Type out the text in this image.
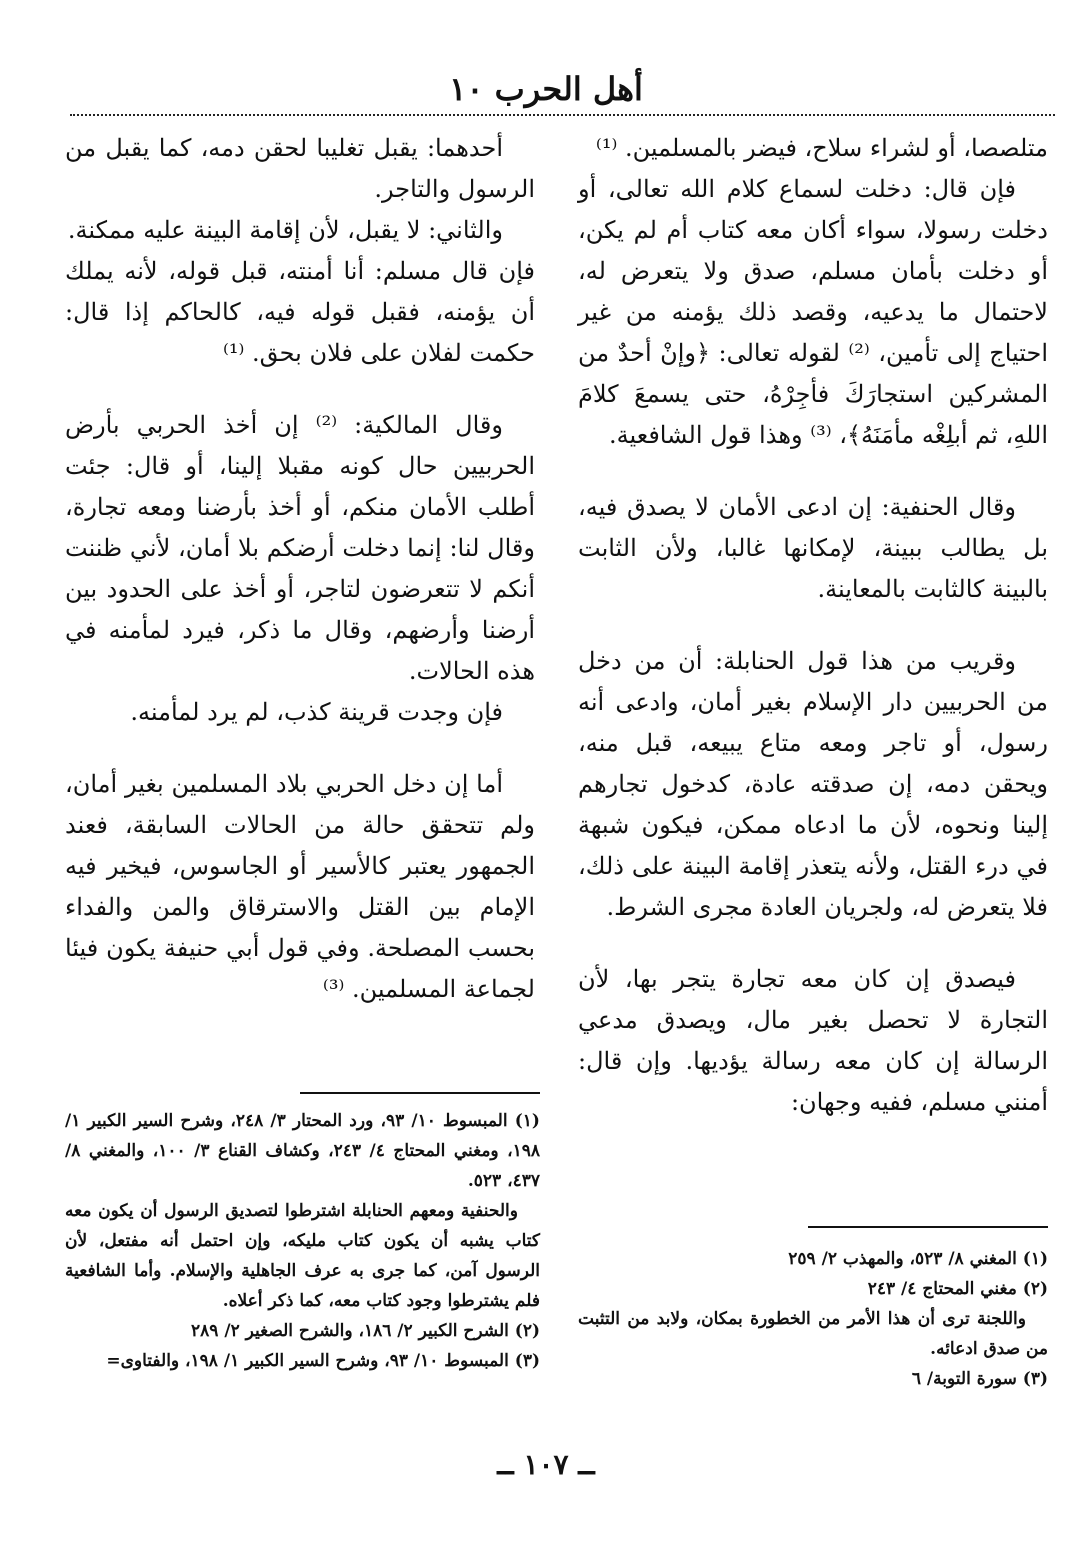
أهل الحرب ١٠

متلصصا، أو لشراء سلاح، فيضر بالمسلمين. ⁽¹⁾

فإن قال: دخلت لسماع كلام الله تعالى، أو دخلت رسولا، سواء أكان معه كتاب أم لم يكن، أو دخلت بأمان مسلم، صدق ولا يتعرض له، لاحتمال ما يدعيه، وقصد ذلك يؤمنه من غير احتياج إلى تأمين، ⁽²⁾ لقوله تعالى: ﴿وإنْ أحدٌ من المشركين استجارَكَ فأجِرْهُ، حتى يسمعَ كلامَ اللهِ، ثم أبلِغْه مأمَنَهُ﴾، ⁽³⁾ وهذا قول الشافعية.

وقال الحنفية: إن ادعى الأمان لا يصدق فيه، بل يطالب ببينة، لإمكانها غالبا، ولأن الثابت بالبينة كالثابت بالمعاينة.

وقريب من هذا قول الحنابلة: أن من دخل من الحربيين دار الإسلام بغير أمان، وادعى أنه رسول، أو تاجر ومعه متاع يبيعه، قبل منه، ويحقن دمه، إن صدقته عادة، كدخول تجارهم إلينا ونحوه، لأن ما ادعاه ممكن، فيكون شبهة في درء القتل، ولأنه يتعذر إقامة البينة على ذلك، فلا يتعرض له، ولجريان العادة مجرى الشرط.

فيصدق إن كان معه تجارة يتجر بها، لأن التجارة لا تحصل بغير مال، ويصدق مدعي الرسالة إن كان معه رسالة يؤديها. وإن قال: أمنني مسلم، ففيه وجهان:

أحدهما: يقبل تغليبا لحقن دمه، كما يقبل من الرسول والتاجر.

والثاني: لا يقبل، لأن إقامة البينة عليه ممكنة.

فإن قال مسلم: أنا أمنته، قبل قوله، لأنه يملك أن يؤمنه، فقبل قوله فيه، كالحاكم إذا قال: حكمت لفلان على فلان بحق. ⁽¹⁾

وقال المالكية: ⁽²⁾ إن أخذ الحربي بأرض الحربيين حال كونه مقبلا إلينا، أو قال: جئت أطلب الأمان منكم، أو أخذ بأرضنا ومعه تجارة، وقال لنا: إنما دخلت أرضكم بلا أمان، لأني ظننت أنكم لا تتعرضون لتاجر، أو أخذ على الحدود بين أرضنا وأرضهم، وقال ما ذكر، فيرد لمأمنه في هذه الحالات.

فإن وجدت قرينة كذب، لم يرد لمأمنه.

أما إن دخل الحربي بلاد المسلمين بغير أمان، ولم تتحقق حالة من الحالات السابقة، فعند الجمهور يعتبر كالأسير أو الجاسوس، فيخير فيه الإمام بين القتل والاسترقاق والمن والفداء بحسب المصلحة. وفي قول أبي حنيفة يكون فيئا لجماعة المسلمين. ⁽³⁾

(١) المغني ٨/ ٥٢٣، والمهذب ٢/ ٢٥٩

(٢) مغني المحتاج ٤/ ٢٤٣

واللجنة ترى أن هذا الأمر من الخطورة بمكان، ولابد من التثبت من صدق ادعائه.

(٣) سورة التوبة/ ٦

(١) المبسوط ١٠/ ٩٣، ورد المحتار ٣/ ٢٤٨، وشرح السير الكبير ١/ ١٩٨، ومغني المحتاج ٤/ ٢٤٣، وكشاف القناع ٣/ ١٠٠، والمغني ٨/ ٤٣٧، ٥٢٣.

والحنفية ومعهم الحنابلة اشترطوا لتصديق الرسول أن يكون معه كتاب يشبه أن يكون كتاب مليكه، وإن احتمل أنه مفتعل، لأن الرسول آمن، كما جرى به عرف الجاهلية والإسلام. وأما الشافعية فلم يشترطوا وجود كتاب معه، كما ذكر أعلاه.

(٢) الشرح الكبير ٢/ ١٨٦، والشرح الصغير ٢/ ٢٨٩

(٣) المبسوط ١٠/ ٩٣، وشرح السير الكبير ١/ ١٩٨، والفتاوى=

ــ ١٠٧ ــ
